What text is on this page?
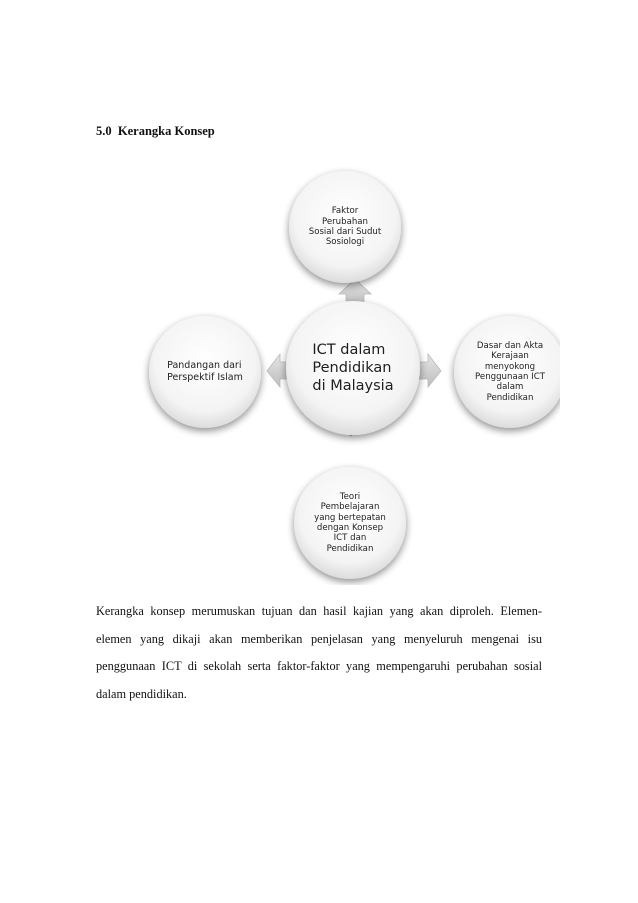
5.0  Kerangka Konsep
Faktor
Perubahan
Sosial dari Sudut
Sosiologi
ICT dalam
Pendidikan
di Malaysia
Dasar dan Akta
Kerajaan
menyokong
Penggunaan ICT
dalam
Pendidikan
Teori
Pembelajaran
yang bertepatan
dengan Konsep
ICT dan
Pendidikan
Pandangan dari
Perspektif Islam

Kerangka konsep merumuskan tujuan dan hasil kajian yang akan diproleh. Elemen-elemen yang dikaji akan memberikan penjelasan yang menyeluruh mengenai isu penggunaan ICT di sekolah serta faktor-faktor yang mempengaruhi perubahan sosial dalam pendidikan.
